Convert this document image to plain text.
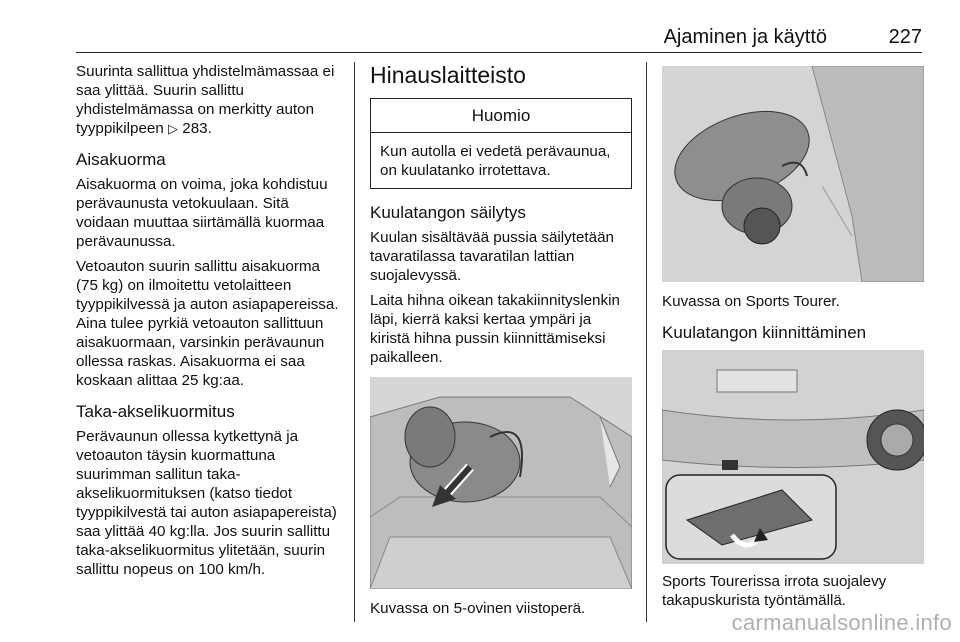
Ajaminen ja käyttö	227

Suurinta sallittua yhdistelmämassaa ei saa ylittää. Suurin sallittu yhdistelmämassa on merkitty auton tyyppikilpeen ▷ 283.

Aisakuorma

Aisakuorma on voima, joka kohdistuu perävaunusta vetokuulaan. Sitä voidaan muuttaa siirtämällä kuormaa perävaunussa.

Vetoauton suurin sallittu aisakuorma (75 kg) on ilmoitettu vetolaitteen tyyppikilvessä ja auton asiapapereissa. Aina tulee pyrkiä vetoauton sallittuun aisakuormaan, varsinkin perävaunun ollessa raskas. Aisakuorma ei saa koskaan alittaa 25 kg:aa.

Taka-akselikuormitus

Perävaunun ollessa kytkettynä ja vetoauton täysin kuormattuna suurimman sallitun taka-akselikuormituksen (katso tiedot tyyppikilvestä tai auton asiapapereista) saa ylittää 40 kg:lla. Jos suurin sallittu taka-akselikuormitus ylitetään, suurin sallittu nopeus on 100 km/h.

Hinauslaitteisto
Huomio
Kun autolla ei vedetä perävaunua, on kuulatanko irrotettava.
Kuulatangon säilytys

Kuulan sisältävää pussia säilytetään tavaratilassa tavaratilan lattian suojalevyssä.

Laita hihna oikean takakiinnityslenkin läpi, kierrä kaksi kertaa ympäri ja kiristä hihna pussin kiinnittämiseksi paikalleen.

Kuvassa on 5-ovinen viistoperä.

Kuvassa on Sports Tourer.

Kuulatangon kiinnittäminen

Sports Tourerissa irrota suojalevy takapuskurista työntämällä.

carmanualsonline.info
